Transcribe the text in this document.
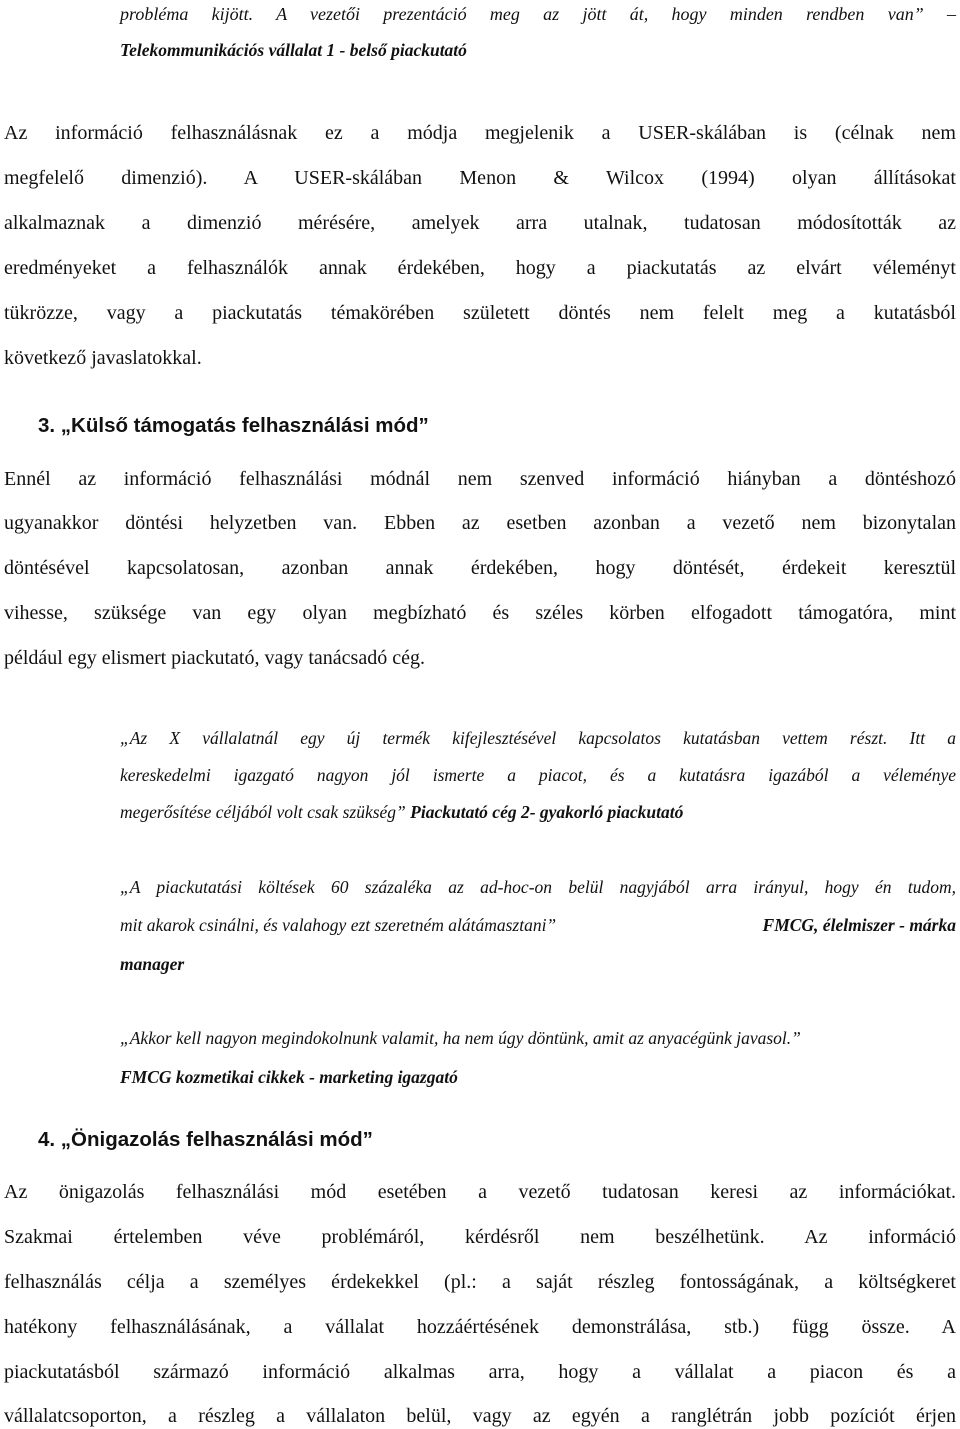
probléma kijött. A vezetői prezentáció meg az jött át, hogy minden rendben van” –
Telekommunikációs vállalat 1 - belső piackutató
Az információ felhasználásnak ez a módja megjelenik a USER-skálában is (célnak nem
megfelelő dimenzió). A USER-skálában Menon & Wilcox (1994) olyan állításokat
alkalmaznak a dimenzió mérésére, amelyek arra utalnak, tudatosan módosították az
eredményeket a felhasználók annak érdekében, hogy a piackutatás az elvárt véleményt
tükrözze, vagy a piackutatás témakörében született döntés nem felelt meg a kutatásból
következő javaslatokkal.
3. „Külső támogatás felhasználási mód”
Ennél az információ felhasználási módnál nem szenved információ hiányban a döntéshozó
ugyanakkor döntési helyzetben van. Ebben az esetben azonban a vezető nem bizonytalan
döntésével kapcsolatosan, azonban annak érdekében, hogy döntését, érdekeit keresztül
vihesse, szüksége van egy olyan megbízható és széles körben elfogadott támogatóra, mint
például egy elismert piackutató, vagy tanácsadó cég.
„Az X vállalatnál egy új termék kifejlesztésével kapcsolatos kutatásban vettem részt. Itt a
kereskedelmi igazgató nagyon jól ismerte a piacot, és a kutatásra igazából a véleménye
megerősítése céljából volt csak szükség” Piackutató cég 2- gyakorló piackutató
„A piackutatási költések 60 százaléka az ad-hoc-on belül nagyjából arra irányul, hogy én tudom,
mit akarok csinálni, és valahogy ezt szeretném alátámasztani”	FMCG, élelmiszer - márka
manager
„Akkor kell nagyon megindokolnunk valamit, ha nem úgy döntünk, amit az anyacégünk javasol.”
FMCG kozmetikai cikkek - marketing igazgató
4. „Önigazolás felhasználási mód”
Az önigazolás felhasználási mód esetében a vezető tudatosan keresi az információkat.
Szakmai értelemben véve problémáról, kérdésről nem beszélhetünk. Az információ
felhasználás célja a személyes érdekekkel (pl.: a saját részleg fontosságának, a költségkeret
hatékony felhasználásának, a vállalat hozzáértésének demonstrálása, stb.) függ össze. A
piackutatásból származó információ alkalmas arra, hogy a vállalat a piacon és a
vállalatcsoporton, a részleg a vállalaton belül, vagy az egyén a ranglétrán jobb pozíciót érjen
